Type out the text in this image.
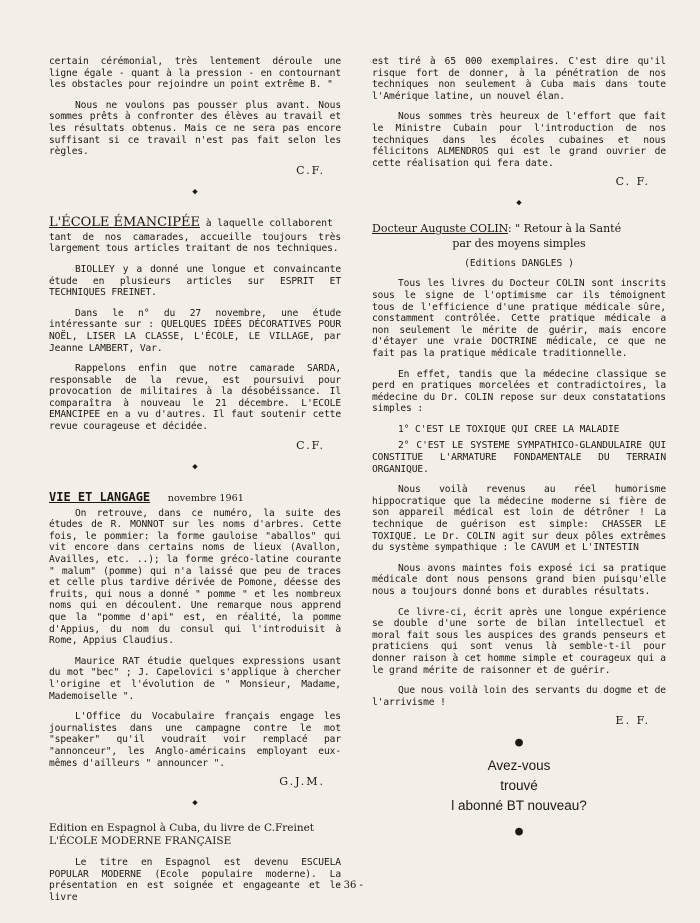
certain cérémonial, très lentement déroule une ligne égale - quant à la pression - en contournant les obstacles pour rejoindre un point extrême B. "

Nous ne voulons pas pousser plus avant. Nous sommes prêts à confronter des élèves au travail et les résultats obtenus. Mais ce ne sera pas encore suffisant si ce travail n'est pas fait selon les règles.

C.F.
◆
L'ÉCOLE ÉMANCIPÉE à laquelle collaborent

tant de nos camarades, accueille toujours très largement tous articles traitant de nos techniques.

BIOLLEY y a donné une longue et convaincante étude en plusieurs articles sur ESPRIT ET TECHNIQUES FREINET.

Dans le n° du 27 novembre, une étude intéressante sur : QUELQUES IDÉES DÉCORATIVES POUR NOËL, LISER LA CLASSE, L'ÉCOLE, LE VILLAGE, par Jeanne LAMBERT, Var.

Rappelons enfin que notre camarade SARDA, responsable de la revue, est poursuivi pour provocation de militaires à la désobéissance. Il comparaîtra à nouveau le 21 décembre. L'ECOLE EMANCIPEE en a vu d'autres. Il faut soutenir cette revue courageuse et décidée.

C.F.
◆
VIE ET LANGAGE novembre 1961

On retrouve, dans ce numéro, la suite des études de R. MONNOT sur les noms d'arbres. Cette fois, le pommier: la forme gauloise "aballos" qui vit encore dans certains noms de lieux (Avallon, Availles, etc. ..); la forme gréco-latine courante " malum" (pomme) qui n'a laissé que peu de traces et celle plus tardive dérivée de Pomone, déesse des fruits, qui nous a donné " pomme " et les nombreux noms qui en découlent. Une remarque nous apprend que la "pomme d'api" est, en réalité, la pomme d'Appius, du nom du consul qui l'introduisit à Rome, Appius Claudius.

Maurice RAT étudie quelques expressions usant du mot "bec" ; J. Capelovici s'applique à chercher l'origine et l'évolution de " Monsieur, Madame, Mademoiselle ".

L'Office du Vocabulaire français engage les journalistes dans une campagne contre le mot "speaker" qu'il voudrait voir remplacé par "annonceur", les Anglo-américains employant eux-mêmes d'ailleurs " announcer ".

G.J.M.
◆
Edition en Espagnol à Cuba, du livre de C.Freinet
L'ÉCOLE MODERNE FRANÇAISE

Le titre en Espagnol est devenu ESCUELA POPULAR MODERNE (Ecole populaire moderne). La présentation en est soignée et engageante et le livre

est tiré à 65 000 exemplaires. C'est dire qu'il risque fort de donner, à la pénétration de nos techniques non seulement à Cuba mais dans toute l'Amérique latine, un nouvel élan.

Nous sommes très heureux de l'effort que fait le Ministre Cubain pour l'introduction de nos techniques dans les écoles cubaines et nous félicitons ALMENDROS qui est le grand ouvrier de cette réalisation qui fera date.

C. F.
◆
Docteur Auguste COLIN: " Retour à la Santé
par des moyens simples
(Editions DANGLES )

Tous les livres du Docteur COLIN sont inscrits sous le signe de l'optimisme car ils témoignent tous de l'efficience d'une pratique médicale sûre, constamment contrôlée. Cette pratique médicale a non seulement le mérite de guérir, mais encore d'étayer une vraie DOCTRINE médicale, ce que ne fait pas la pratique médicale traditionnelle.

En effet, tandis que la médecine classique se perd en pratiques morcelées et contradictoires, la médecine du Dr. COLIN repose sur deux constatations simples :

1° C'EST LE TOXIQUE QUI CREE LA MALADIE

2° C'EST LE SYSTEME SYMPATHICO-GLANDULAIRE QUI CONSTITUE L'ARMATURE FONDAMENTALE DU TERRAIN ORGANIQUE.

Nous voilà revenus au réel humorisme hippocratique que la médecine moderne si fière de son appareil médical est loin de détrôner ! La technique de guérison est simple: CHASSER LE TOXIQUE. Le Dr. COLIN agit sur deux pôles extrêmes du système sympathique : le CAVUM et L'INTESTIN

Nous avons maintes fois exposé ici sa pratique médicale dont nous pensons grand bien puisqu'elle nous a toujours donné bons et durables résultats.

Ce livre-ci, écrit après une longue expérience se double d'une sorte de bilan intellectuel et moral fait sous les auspices des grands penseurs et praticiens qui sont venus là semble-t-il pour donner raison à cet homme simple et courageux qui a le grand mérite de raisonner et de guérir.

Que nous voilà loin des servants du dogme et de l'arrivisme !

E. F.
●
Avez-vous
trouvé
l abonné BT nouveau?
●
- 36 -
